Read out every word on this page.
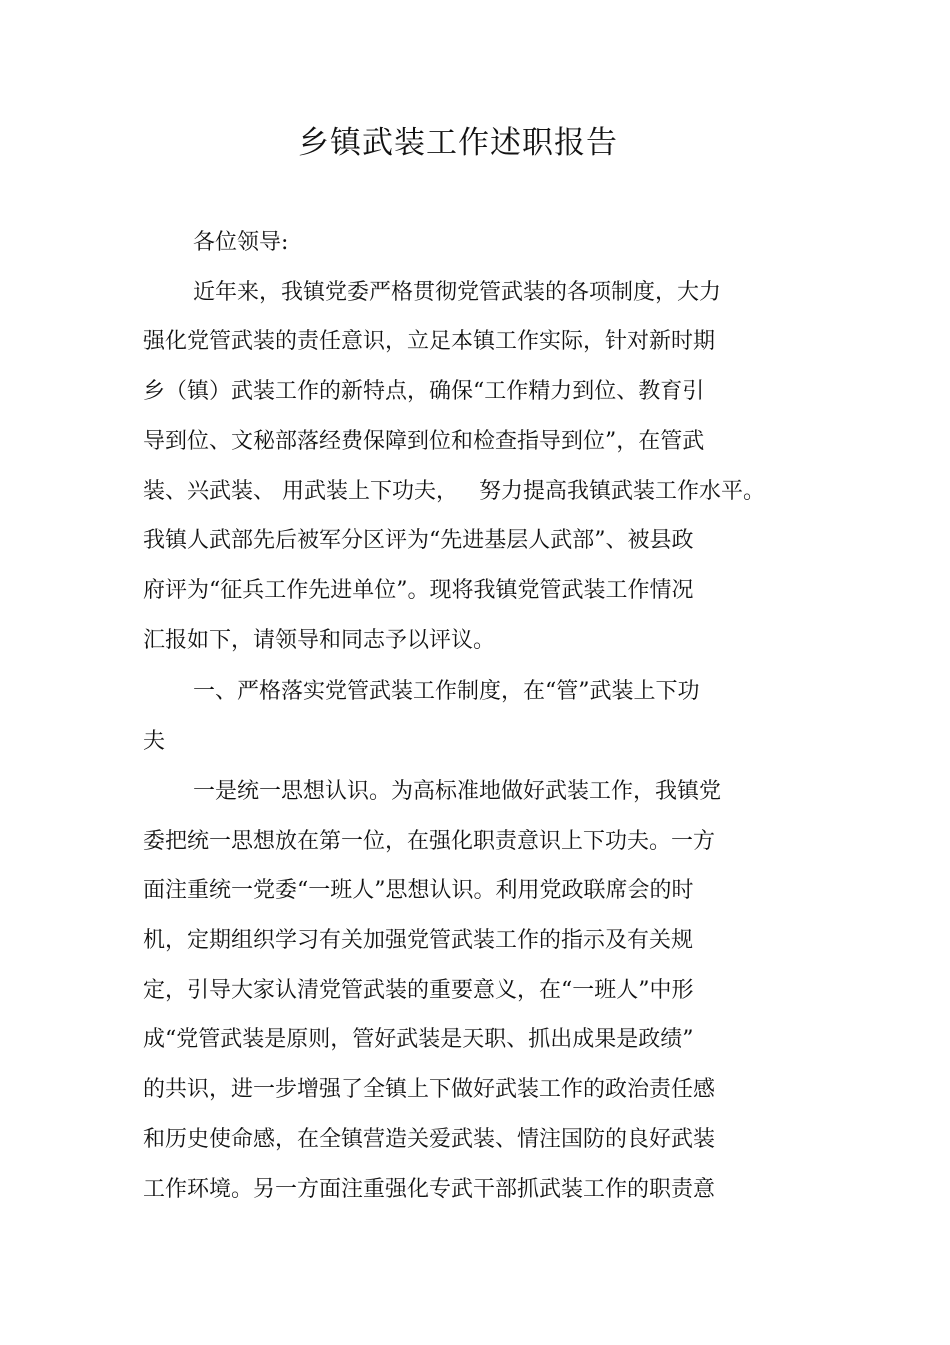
乡镇武装工作述职报告

各位领导:

近年来，我镇党委严格贯彻党管武装的各项制度，大力

强化党管武装的责任意识，立足本镇工作实际，针对新时期

乡（镇）武装工作的新特点，确保“工作精力到位、教育引

导到位、文秘部落经费保障到位和检查指导到位”，在管武

装、兴武装、 用武装上下功夫，   努力提高我镇武装工作水平。

我镇人武部先后被军分区评为“先进基层人武部”、被县政

府评为“征兵工作先进单位”。现将我镇党管武装工作情况

汇报如下，请领导和同志予以评议。

一、严格落实党管武装工作制度，在“管”武装上下功

夫

一是统一思想认识。为高标准地做好武装工作，我镇党

委把统一思想放在第一位，在强化职责意识上下功夫。一方

面注重统一党委“一班人”思想认识。利用党政联席会的时

机，定期组织学习有关加强党管武装工作的指示及有关规

定，引导大家认清党管武装的重要意义，在“一班人”中形

成“党管武装是原则，管好武装是天职、抓出成果是政绩”

的共识，进一步增强了全镇上下做好武装工作的政治责任感

和历史使命感，在全镇营造关爱武装、情注国防的良好武装

工作环境。另一方面注重强化专武干部抓武装工作的职责意
